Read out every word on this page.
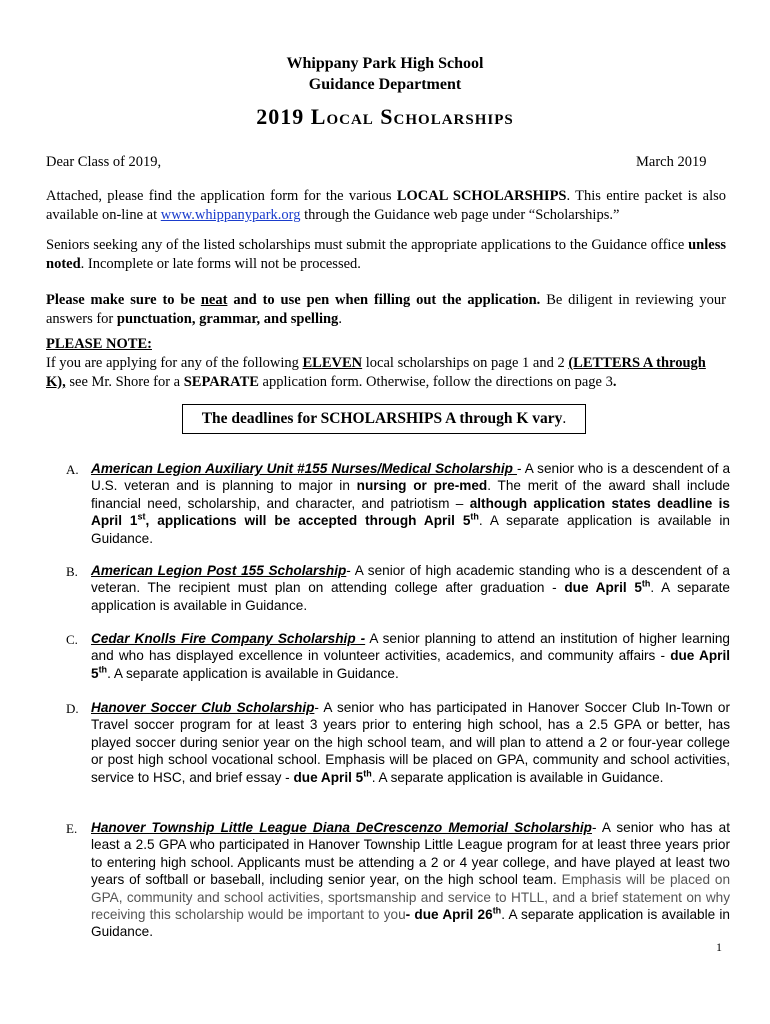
Whippany Park High School
Guidance Department
2019 Local Scholarships
Dear Class of 2019,	March 2019
Attached, please find the application form for the various LOCAL SCHOLARSHIPS. This entire packet is also available on-line at www.whippanypark.org through the Guidance web page under “Scholarships.”
Seniors seeking any of the listed scholarships must submit the appropriate applications to the Guidance office unless noted. Incomplete or late forms will not be processed.
Please make sure to be neat and to use pen when filling out the application. Be diligent in reviewing your answers for punctuation, grammar, and spelling.
PLEASE NOTE:
If you are applying for any of the following ELEVEN local scholarships on page 1 and 2 (LETTERS A through K), see Mr. Shore for a SEPARATE application form. Otherwise, follow the directions on page 3.
The deadlines for SCHOLARSHIPS A through K vary.
A. American Legion Auxiliary Unit #155 Nurses/Medical Scholarship - A senior who is a descendent of a U.S. veteran and is planning to major in nursing or pre-med. The merit of the award shall include financial need, scholarship, and character, and patriotism – although application states deadline is April 1st, applications will be accepted through April 5th. A separate application is available in Guidance.
B. American Legion Post 155 Scholarship- A senior of high academic standing who is a descendent of a veteran. The recipient must plan on attending college after graduation - due April 5th. A separate application is available in Guidance.
C. Cedar Knolls Fire Company Scholarship - A senior planning to attend an institution of higher learning and who has displayed excellence in volunteer activities, academics, and community affairs - due April 5th. A separate application is available in Guidance.
D. Hanover Soccer Club Scholarship- A senior who has participated in Hanover Soccer Club In-Town or Travel soccer program for at least 3 years prior to entering high school, has a 2.5 GPA or better, has played soccer during senior year on the high school team, and will plan to attend a 2 or four-year college or post high school vocational school. Emphasis will be placed on GPA, community and school activities, service to HSC, and brief essay - due April 5th. A separate application is available in Guidance.
E. Hanover Township Little League Diana DeCrescenzo Memorial Scholarship- A senior who has at least a 2.5 GPA who participated in Hanover Township Little League program for at least three years prior to entering high school. Applicants must be attending a 2 or 4 year college, and have played at least two years of softball or baseball, including senior year, on the high school team. Emphasis will be placed on GPA, community and school activities, sportsmanship and service to HTLL, and a brief statement on why receiving this scholarship would be important to you- due April 26th. A separate application is available in Guidance.
1
